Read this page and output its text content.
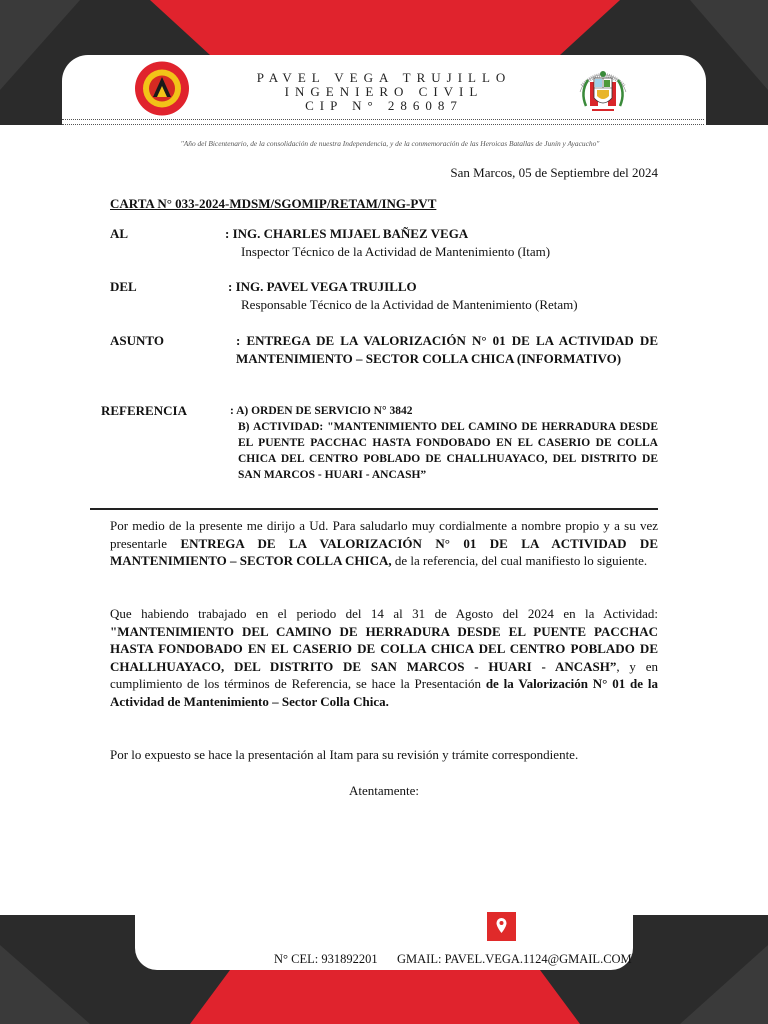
PAVEL VEGA TRUJILLO
INGENIERO CIVIL
CIP N° 286087
"Año del Bicentenario, de la consolidación de nuestra Independencia, y de la conmemoración de las Heroicas Batallas de Junín y Ayacucho"
San Marcos, 05 de Septiembre del 2024
CARTA N° 033-2024-MDSM/SGOMIP/RETAM/ING-PVT
AL	: ING. CHARLES MIJAEL BAÑEZ VEGA
Inspector Técnico de la Actividad de Mantenimiento (Itam)
DEL	: ING. PAVEL VEGA TRUJILLO
Responsable Técnico de la Actividad de Mantenimiento (Retam)
ASUNTO	: ENTREGA DE LA VALORIZACIÓN N° 01 DE LA ACTIVIDAD DE MANTENIMIENTO – SECTOR COLLA CHICA (INFORMATIVO)
REFERENCIA	: A) ORDEN DE SERVICIO N° 3842
B) ACTIVIDAD: "MANTENIMIENTO DEL CAMINO DE HERRADURA DESDE EL PUENTE PACCHAC HASTA FONDOBADO EN EL CASERIO DE COLLA CHICA DEL CENTRO POBLADO DE CHALLHUAYACO, DEL DISTRITO DE SAN MARCOS - HUARI - ANCASH”
Por medio de la presente me dirijo a Ud. Para saludarlo muy cordialmente a nombre propio y a su vez presentarle ENTREGA DE LA VALORIZACIÓN N° 01 DE LA ACTIVIDAD DE MANTENIMIENTO – SECTOR COLLA CHICA, de la referencia, del cual manifiesto lo siguiente.
Que habiendo trabajado en el periodo del 14 al 31 de Agosto del 2024 en la Actividad: "MANTENIMIENTO DEL CAMINO DE HERRADURA DESDE EL PUENTE PACCHAC HASTA FONDOBADO EN EL CASERIO DE COLLA CHICA DEL CENTRO POBLADO DE CHALLHUAYACO, DEL DISTRITO DE SAN MARCOS - HUARI - ANCASH”, y en cumplimiento de los términos de Referencia, se hace la Presentación de la Valorización N° 01 de la Actividad de Mantenimiento – Sector Colla Chica.
Por lo expuesto se hace la presentación al Itam para su revisión y trámite correspondiente.
Atentamente:
N° CEL: 931892201 GMAIL: PAVEL.VEGA.1124@GMAIL.COM
